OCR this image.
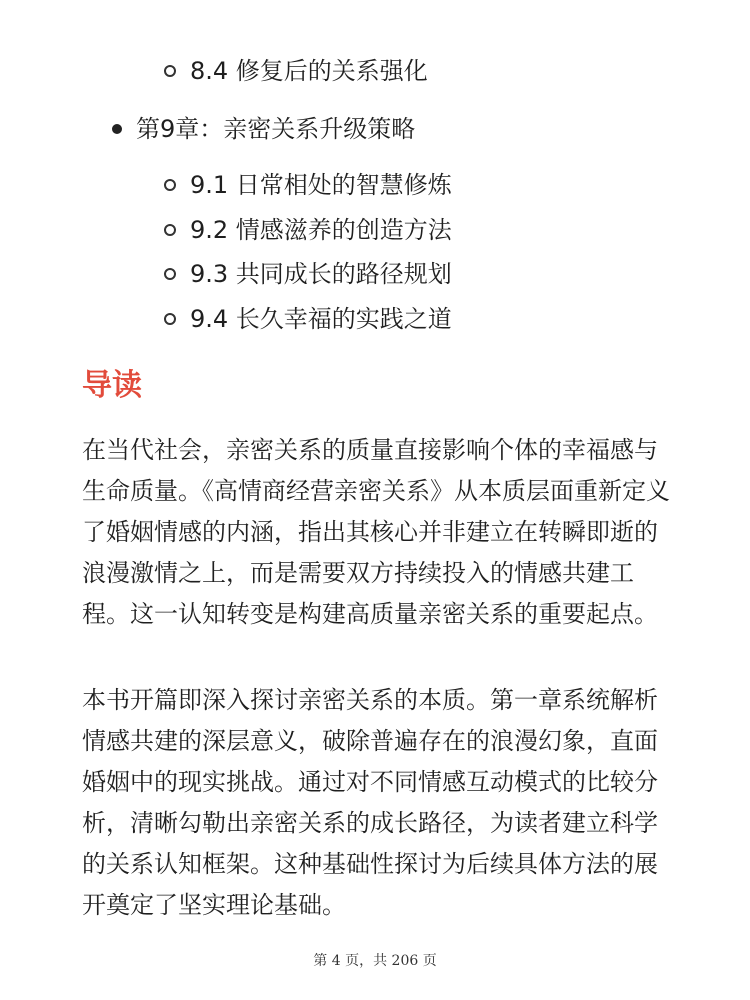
8.4 修复后的关系强化
第9章：亲密关系升级策略
9.1 日常相处的智慧修炼
9.2 情感滋养的创造方法
9.3 共同成长的路径规划
9.4 长久幸福的实践之道
导读

在当代社会，亲密关系的质量直接影响个体的幸福感与生命质量。《高情商经营亲密关系》从本质层面重新定义了婚姻情感的内涵，指出其核心并非建立在转瞬即逝的浪漫激情之上，而是需要双方持续投入的情感共建工程。这一认知转变是构建高质量亲密关系的重要起点。

本书开篇即深入探讨亲密关系的本质。第一章系统解析情感共建的深层意义，破除普遍存在的浪漫幻象，直面婚姻中的现实挑战。通过对不同情感互动模式的比较分析，清晰勾勒出亲密关系的成长路径，为读者建立科学的关系认知框架。这种基础性探讨为后续具体方法的展开奠定了坚实理论基础。

第 4 页，共 206 页
